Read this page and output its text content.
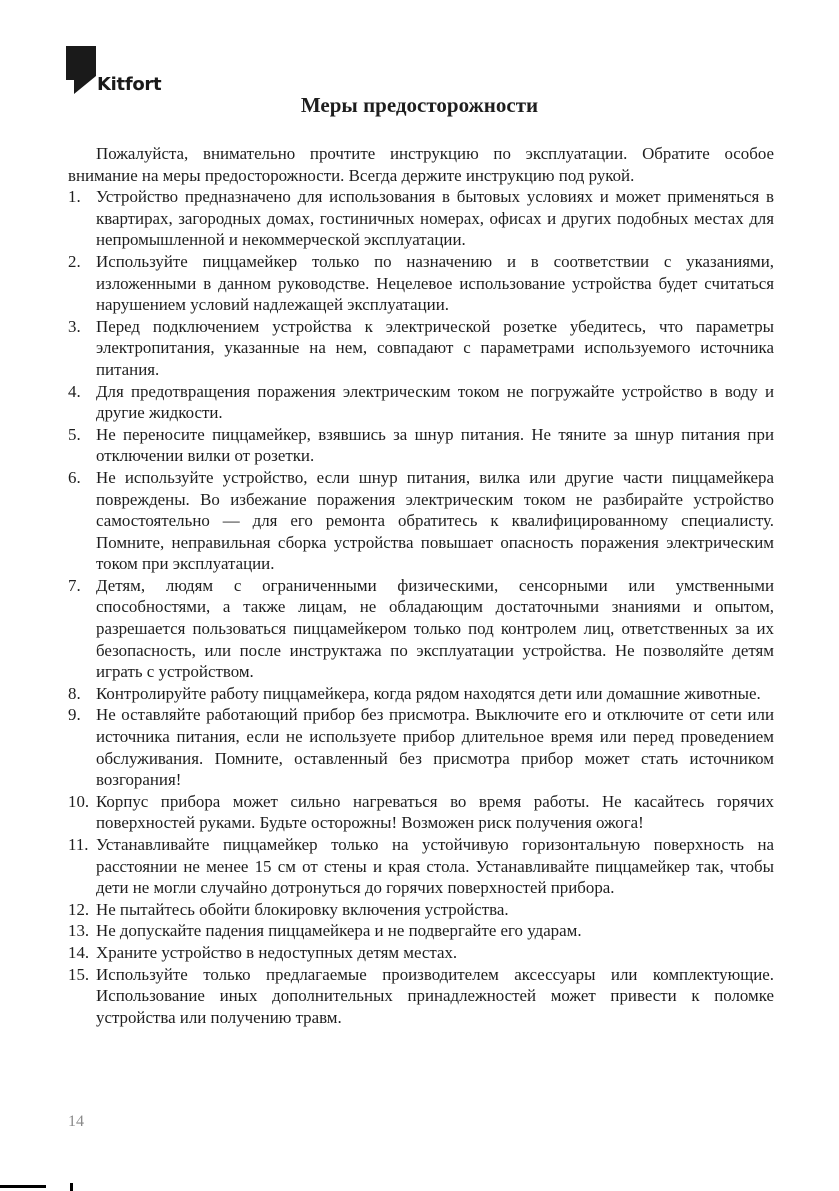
Kitfort
Меры предосторожности

Пожалуйста, внимательно прочтите инструкцию по эксплуатации. Обратите особое внимание на меры предосторожности. Всегда держите инструкцию под рукой.

1. Устройство предназначено для использования в бытовых условиях и может применяться в квартирах, загородных домах, гостиничных номерах, офисах и других подобных местах для непромышленной и некоммерческой эксплуатации.
2. Используйте пиццамейкер только по назначению и в соответствии с указаниями, изложенными в данном руководстве. Нецелевое использование устройства будет считаться нарушением условий надлежащей эксплуатации.
3. Перед подключением устройства к электрической розетке убедитесь, что параметры электропитания, указанные на нем, совпадают с параметрами используемого источника питания.
4. Для предотвращения поражения электрическим током не погружайте устройство в воду и другие жидкости.
5. Не переносите пиццамейкер, взявшись за шнур питания. Не тяните за шнур питания при отключении вилки от розетки.
6. Не используйте устройство, если шнур питания, вилка или другие части пиццамейкера повреждены. Во избежание поражения электрическим током не разбирайте устройство самостоятельно — для его ремонта обратитесь к квалифицированному специалисту. Помните, неправильная сборка устройства повышает опасность поражения электрическим током при эксплуатации.
7. Детям, людям с ограниченными физическими, сенсорными или умственными способностями, а также лицам, не обладающим достаточными знаниями и опытом, разрешается пользоваться пиццамейкером только под контролем лиц, ответственных за их безопасность, или после инструктажа по эксплуатации устройства. Не позволяйте детям играть с устройством.
8. Контролируйте работу пиццамейкера, когда рядом находятся дети или домашние животные.
9. Не оставляйте работающий прибор без присмотра. Выключите его и отключите от сети или источника питания, если не используете прибор длительное время или перед проведением обслуживания. Помните, оставленный без присмотра прибор может стать источником возгорания!
10. Корпус прибора может сильно нагреваться во время работы. Не касайтесь горячих поверхностей руками. Будьте осторожны! Возможен риск получения ожога!
11. Устанавливайте пиццамейкер только на устойчивую горизонтальную поверхность на расстоянии не менее 15 см от стены и края стола. Устанавливайте пиццамейкер так, чтобы дети не могли случайно дотронуться до горячих поверхностей прибора.
12. Не пытайтесь обойти блокировку включения устройства.
13. Не допускайте падения пиццамейкера и не подвергайте его ударам.
14. Храните устройство в недоступных детям местах.
15. Используйте только предлагаемые производителем аксессуары или комплектующие. Использование иных дополнительных принадлежностей может привести к поломке устройства или получению травм.
14
